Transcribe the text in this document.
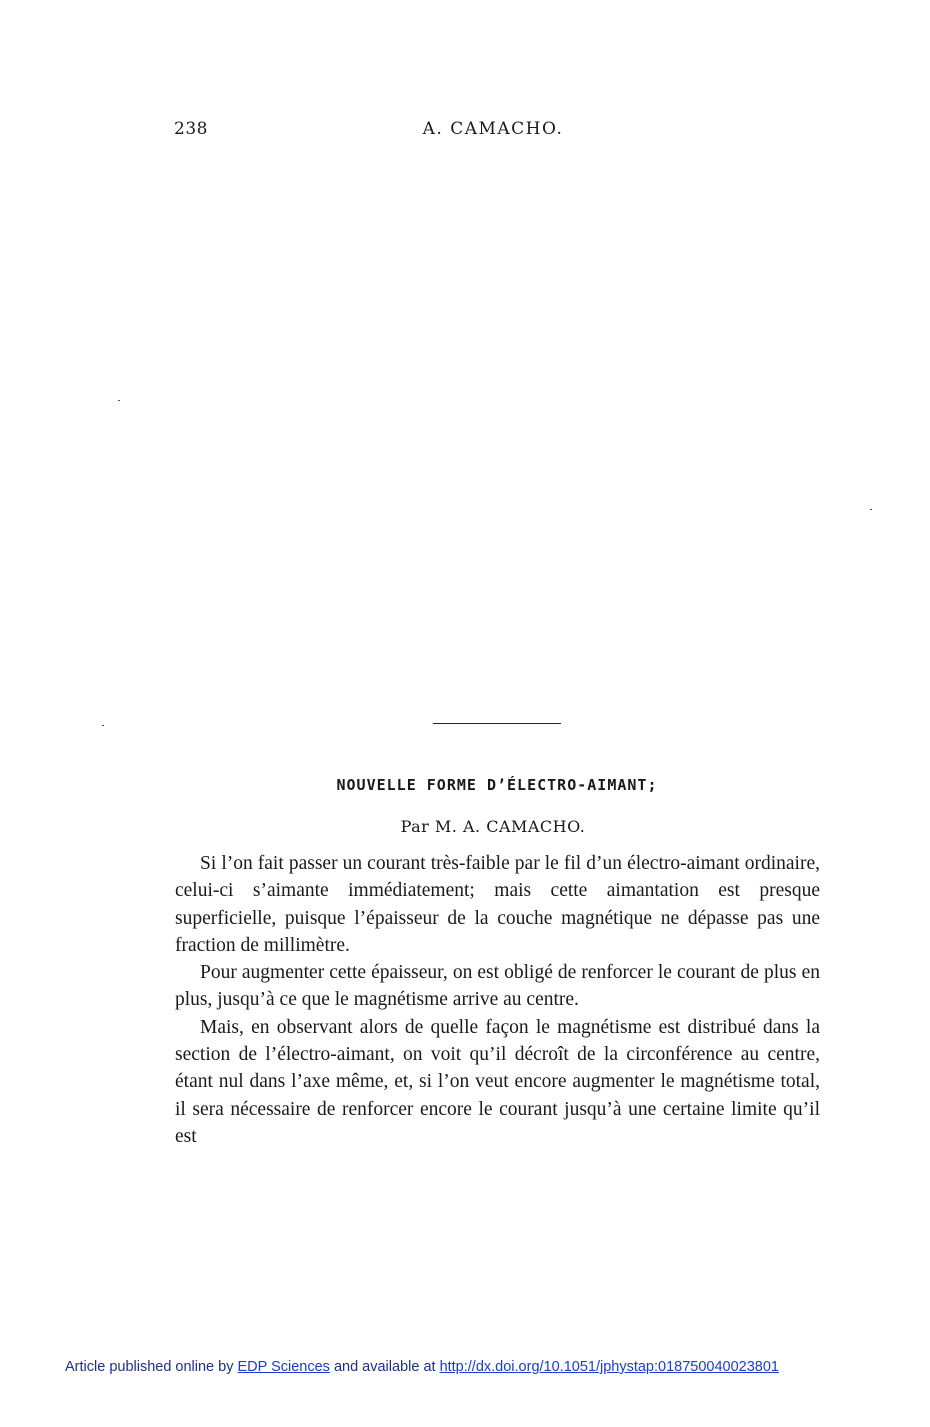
238	A. CAMACHO.
NOUVELLE FORME D’ÉLECTRO-AIMANT;
Par M. A. CAMACHO.

Si l’on fait passer un courant très-faible par le fil d’un électro-aimant ordinaire, celui-ci s’aimante immédiatement; mais cette aimantation est presque superficielle, puisque l’épaisseur de la couche magnétique ne dépasse pas une fraction de millimètre.

Pour augmenter cette épaisseur, on est obligé de renforcer le courant de plus en plus, jusqu’à ce que le magnétisme arrive au centre.

Mais, en observant alors de quelle façon le magnétisme est distribué dans la section de l’électro-aimant, on voit qu’il décroît de la circonférence au centre, étant nul dans l’axe même, et, si l’on veut encore augmenter le magnétisme total, il sera nécessaire de renforcer encore le courant jusqu’à une certaine limite qu’il est

Article published online by EDP Sciences and available at http://dx.doi.org/10.1051/jphystap:018750040023801
